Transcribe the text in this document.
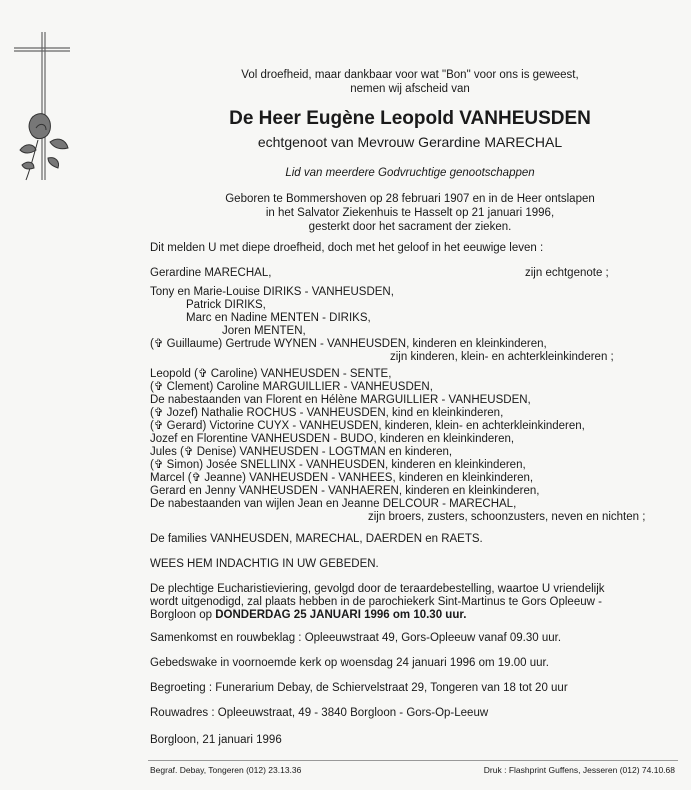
Vol droefheid, maar dankbaar voor wat "Bon" voor ons is geweest,
nemen wij afscheid van
De Heer Eugène Leopold VANHEUSDEN
echtgenoot van Mevrouw Gerardine MARECHAL
Lid van meerdere Godvruchtige genootschappen
Geboren te Bommershoven op 28 februari 1907 en in de Heer ontslapen
in het Salvator Ziekenhuis te Hasselt op 21 januari 1996,
gesterkt door het sacrament der zieken.
Dit melden U met diepe droefheid, doch met het geloof in het eeuwige leven :
Gerardine MARECHAL,	zijn echtgenote ;
Tony en Marie-Louise DIRIKS - VANHEUSDEN,
Patrick DIRIKS,
Marc en Nadine MENTEN - DIRIKS,
Joren MENTEN,
(✞ Guillaume) Gertrude WYNEN - VANHEUSDEN, kinderen en kleinkinderen,
zijn kinderen, klein- en achterkleinkinderen ;
Leopold (✞ Caroline) VANHEUSDEN - SENTE,
(✞ Clement) Caroline MARGUILLIER - VANHEUSDEN,
De nabestaanden van Florent en Hélène MARGUILLIER - VANHEUSDEN,
(✞ Jozef) Nathalie ROCHUS - VANHEUSDEN, kind en kleinkinderen,
(✞ Gerard) Victorine CUYX - VANHEUSDEN, kinderen, klein- en achterkleinkinderen,
Jozef en Florentine VANHEUSDEN - BUDO, kinderen en kleinkinderen,
Jules (✞ Denise) VANHEUSDEN - LOGTMAN en kinderen,
(✞ Simon) Josée SNELLINX - VANHEUSDEN, kinderen en kleinkinderen,
Marcel (✞ Jeanne) VANHEUSDEN - VANHEES, kinderen en kleinkinderen,
Gerard en Jenny VANHEUSDEN - VANHAEREN, kinderen en kleinkinderen,
De nabestaanden van wijlen Jean en Jeanne DELCOUR - MARECHAL,
zijn broers, zusters, schoonzusters, neven en nichten ;
De families VANHEUSDEN, MARECHAL, DAERDEN en RAETS.
WEES HEM INDACHTIG IN UW GEBEDEN.
De plechtige Eucharistieviering, gevolgd door de teraardebestelling, waartoe U vriendelijk
wordt uitgenodigd, zal plaats hebben in de parochiekerk Sint-Martinus te Gors Opleeuw -
Borgloon op DONDERDAG 25 JANUARI 1996 om 10.30 uur.
Samenkomst en rouwbeklag : Opleeuwstraat 49, Gors-Opleeuw vanaf 09.30 uur.
Gebedswake in voornoemde kerk op woensdag 24 januari 1996 om 19.00 uur.
Begroeting : Funerarium Debay, de Schiervelstraat 29, Tongeren van 18 tot 20 uur
Rouwadres : Opleeuwstraat, 49 - 3840 Borgloon - Gors-Op-Leeuw
Borgloon, 21 januari 1996
Begraf. Debay, Tongeren (012) 23.13.36	Druk : Flashprint Guffens, Jesseren (012) 74.10.68
